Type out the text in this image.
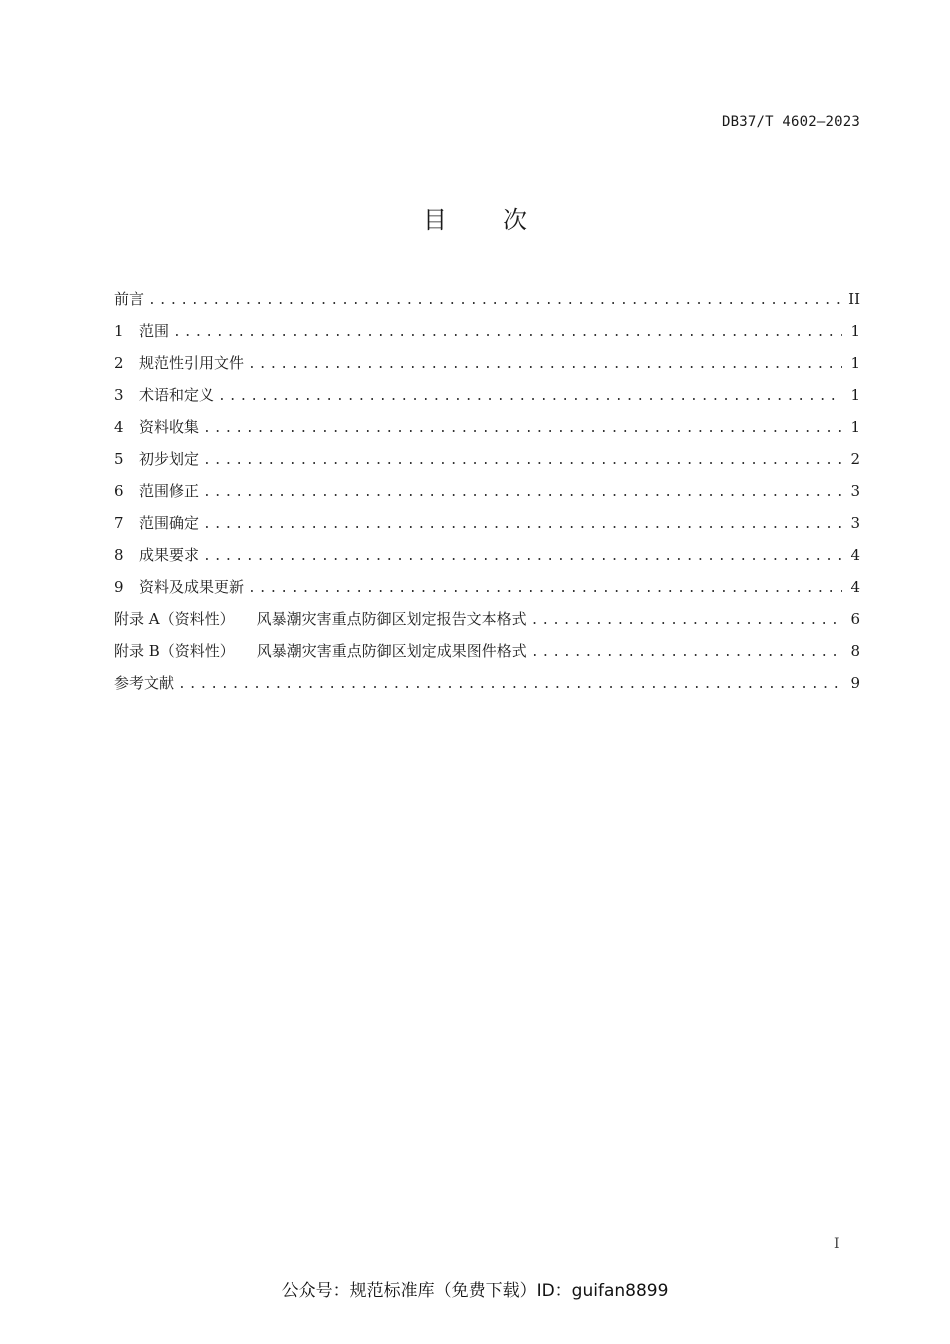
DB37/T 4602—2023
目 次
前言 .....	II
1	范围 .....	1
2	规范性引用文件 .....	1
3	术语和定义 .....	1
4	资料收集 .....	1
5	初步划定 .....	2
6	范围修正 .....	3
7	范围确定 .....	3
8	成果要求 .....	4
9	资料及成果更新 .....	4
附录 A（资料性） 风暴潮灾害重点防御区划定报告文本格式 .....	6
附录 B（资料性） 风暴潮灾害重点防御区划定成果图件格式 .....	8
参考文献 .....	9
I
公众号：规范标准库（免费下载）ID：guifan8899
